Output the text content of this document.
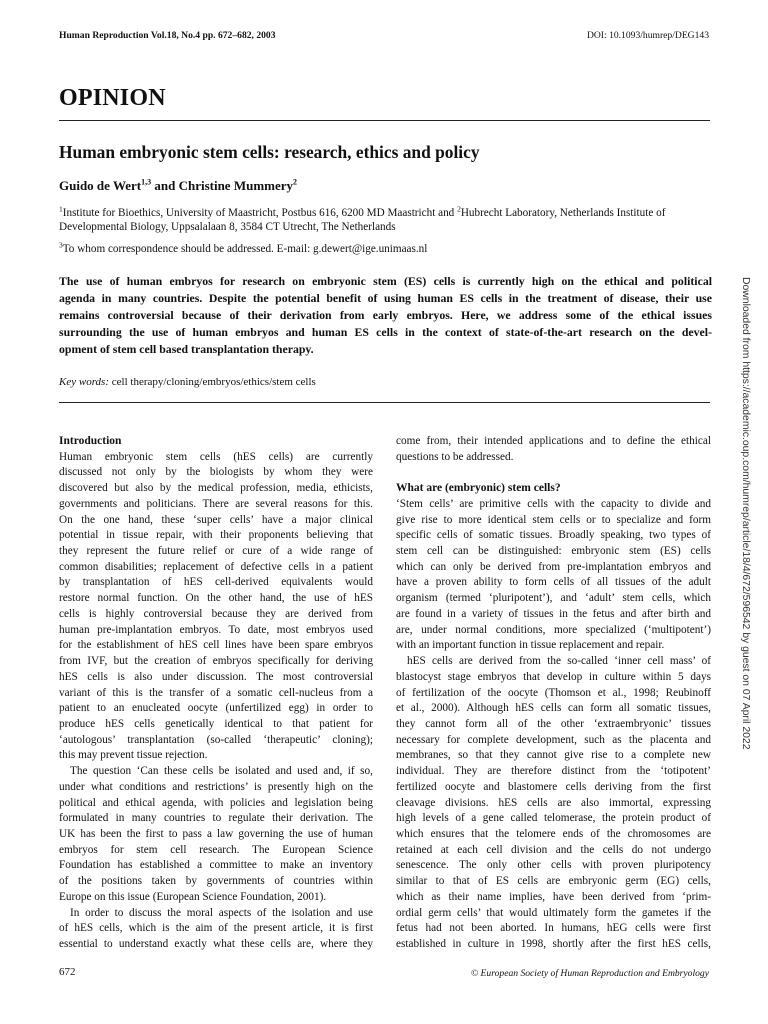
Human Reproduction Vol.18, No.4 pp. 672–682, 2003	DOI: 10.1093/humrep/DEG143
OPINION
Human embryonic stem cells: research, ethics and policy
Guido de Wert$^{1,3}$ and Christine Mummery$^2$
$^1$Institute for Bioethics, University of Maastricht, Postbus 616, 6200 MD Maastricht and $^2$Hubrecht Laboratory, Netherlands Institute of Developmental Biology, Uppsalalaan 8, 3584 CT Utrecht, The Netherlands
$^3$To whom correspondence should be addressed. E-mail: g.dewert@ige.unimaas.nl
The use of human embryos for research on embryonic stem (ES) cells is currently high on the ethical and political
agenda in many countries. Despite the potential benefit of using human ES cells in the treatment of disease, their use
remains controversial because of their derivation from early embryos. Here, we address some of the ethical issues
surrounding the use of human embryos and human ES cells in the context of state-of-the-art research on the devel-
opment of stem cell based transplantation therapy.
Key words: cell therapy/cloning/embryos/ethics/stem cells
Introduction
Human embryonic stem cells (hES cells) are currently
discussed not only by the biologists by whom they were
discovered but also by the medical profession, media, ethicists,
governments and politicians. There are several reasons for this.
On the one hand, these ‘super cells’ have a major clinical
potential in tissue repair, with their proponents believing that
they represent the future relief or cure of a wide range of
common disabilities; replacement of defective cells in a patient
by transplantation of hES cell-derived equivalents would
restore normal function. On the other hand, the use of hES
cells is highly controversial because they are derived from
human pre-implantation embryos. To date, most embryos used
for the establishment of hES cell lines have been spare embryos
from IVF, but the creation of embryos specifically for deriving
hES cells is also under discussion. The most controversial
variant of this is the transfer of a somatic cell-nucleus from a
patient to an enucleated oocyte (unfertilized egg) in order to
produce hES cells genetically identical to that patient for
‘autologous’ transplantation (so-called ‘therapeutic’ cloning);
this may prevent tissue rejection.
The question ‘Can these cells be isolated and used and, if so,
under what conditions and restrictions’ is presently high on the
political and ethical agenda, with policies and legislation being
formulated in many countries to regulate their derivation. The
UK has been the first to pass a law governing the use of human
embryos for stem cell research. The European Science
Foundation has established a committee to make an inventory
of the positions taken by governments of countries within
Europe on this issue (European Science Foundation, 2001).
In order to discuss the moral aspects of the isolation and use
of hES cells, which is the aim of the present article, it is first
essential to understand exactly what these cells are, where they
come from, their intended applications and to define the ethical
questions to be addressed.
What are (embryonic) stem cells?
‘Stem cells’ are primitive cells with the capacity to divide and
give rise to more identical stem cells or to specialize and form
specific cells of somatic tissues. Broadly speaking, two types of
stem cell can be distinguished: embryonic stem (ES) cells
which can only be derived from pre-implantation embryos and
have a proven ability to form cells of all tissues of the adult
organism (termed ‘pluripotent’), and ‘adult’ stem cells, which
are found in a variety of tissues in the fetus and after birth and
are, under normal conditions, more specialized (‘multipotent’)
with an important function in tissue replacement and repair.
hES cells are derived from the so-called ‘inner cell mass’ of
blastocyst stage embryos that develop in culture within 5 days
of fertilization of the oocyte (Thomson et al., 1998; Reubinoff
et al., 2000). Although hES cells can form all somatic tissues,
they cannot form all of the other ‘extraembryonic’ tissues
necessary for complete development, such as the placenta and
membranes, so that they cannot give rise to a complete new
individual. They are therefore distinct from the ‘totipotent’
fertilized oocyte and blastomere cells deriving from the first
cleavage divisions. hES cells are also immortal, expressing
high levels of a gene called telomerase, the protein product of
which ensures that the telomere ends of the chromosomes are
retained at each cell division and the cells do not undergo
senescence. The only other cells with proven pluripotency
similar to that of ES cells are embryonic germ (EG) cells,
which as their name implies, have been derived from ‘prim-
ordial germ cells’ that would ultimately form the gametes if the
fetus had not been aborted. In humans, hEG cells were first
established in culture in 1998, shortly after the first hES cells,
Downloaded from https://academic.oup.com/humrep/article/18/4/672/596542 by guest on 07 April 2022
672	© European Society of Human Reproduction and Embryology
